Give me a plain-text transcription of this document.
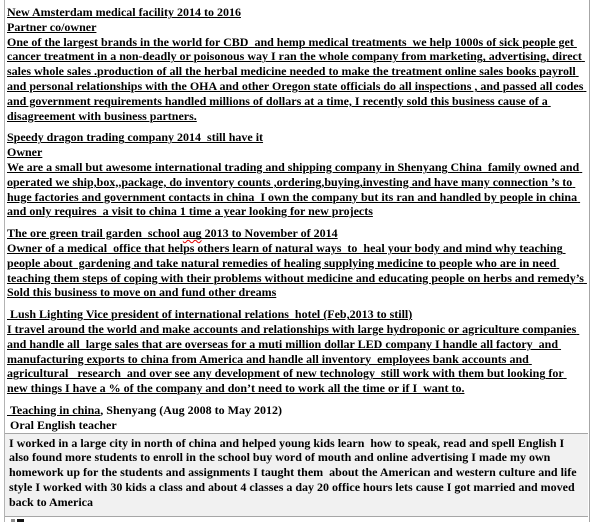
New Amsterdam medical facility 2014 to 2016

Partner co/owner

One of the largest brands in the world for CBD  and hemp medical treatments  we help 1000s of sick people get cancer treatment in a non-deadly or poisonous way I ran the whole company from marketing, advertising, direct sales whole sales .production of all the herbal medicine needed to make the treatment online sales books payroll and personal relationships with the OHA and other Oregon state officials do all inspections , and passed all codes and government requirements handled millions of dollars at a time, I recently sold this business cause of a disagreement with business partners.

Speedy dragon trading company 2014  still have it

Owner

We are a small but awesome international trading and shipping company in Shenyang China  family owned and operated we ship,box,,package, do inventory counts ,ordering,buying,investing and have many connection ’s to huge factories and government contacts in china  I own the company but its ran and handled by people in china and only requires  a visit to china 1 time a year looking for new projects

The ore green trail garden  school aug 2013 to November of 2014

Owner of a medical  office that helps others learn of natural ways  to  heal your body and mind why teaching people about  gardening and take natural remedies of healing supplying medicine to people who are in need teaching them steps of coping with their problems without medicine and educating people on herbs and remedy’s Sold this business to move on and fund other dreams

Lush Lighting Vice president of international relations  hotel (Feb,2013 to still)

I travel around the world and make accounts and relationships with large hydroponic or agriculture companies and handle all  large sales that are overseas for a muti million dollar LED company I handle all factory  and manufacturing exports to china from America and handle all inventory  employees bank accounts and agricultural   research  and over see any development of new technology  still work with them but looking for new things I have a % of the company and don’t need to work all the time or if I  want to.

Teaching in china, Shenyang (Aug 2008 to May 2012)

Oral English teacher

I worked in a large city in north of china and helped young kids learn  how to speak, read and spell English I also found more students to enroll in the school buy word of mouth and online advertising I made my own homework up for the students and assignments I taught them  about the American and western culture and life style I worked with 30 kids a class and about 4 classes a day 20 office hours lets cause I got married and moved back to America
